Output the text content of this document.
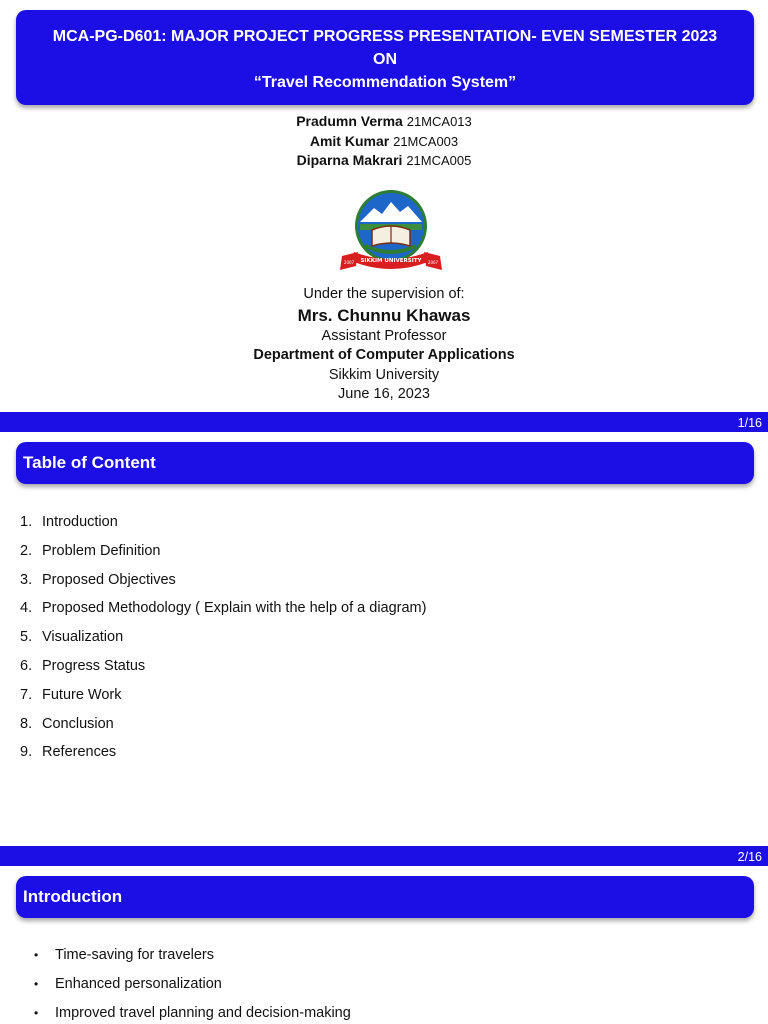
MCA-PG-D601: MAJOR PROJECT PROGRESS PRESENTATION- EVEN SEMESTER 2023
ON
“Travel Recommendation System”
Pradumn Verma 21MCA013
Amit Kumar 21MCA003
Diparna Makrari 21MCA005
SIKKIM UNIVERSITY
2007	2007
Under the supervision of:
Mrs. Chunnu Khawas
Assistant Professor
Department of Computer Applications
Sikkim University
June 16, 2023
1/16
Table of Content
1. Introduction
2. Problem Definition
3. Proposed Objectives
4. Proposed Methodology ( Explain with the help of a diagram)
5. Visualization
6. Progress Status
7. Future Work
8. Conclusion
9. References
2/16
Introduction
• Time-saving for travelers
• Enhanced personalization
• Improved travel planning and decision-making
